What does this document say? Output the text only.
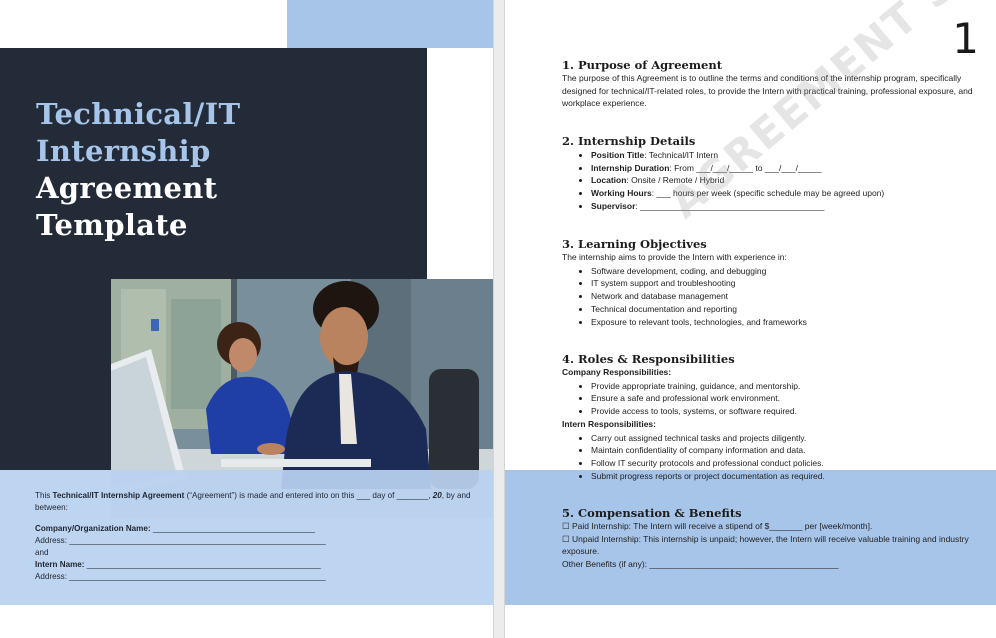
Technical/IT
Internship
Agreement
Template
This Technical/IT Internship Agreement (“Agreement”) is made and entered into on this ___ day of _______, 20, by and between:
Company/Organization Name: ____________________________________
Address: _________________________________________________________
and
Intern Name: ____________________________________________________
Address: _________________________________________________________
1
1. Purpose of Agreement
The purpose of this Agreement is to outline the terms and conditions of the internship program, specifically designed for technical/IT-related roles, to provide the Intern with practical training, professional exposure, and workplace experience.
2. Internship Details
• Position Title: Technical/IT Intern
• Internship Duration: From ___/___/_____ to ___/___/_____
• Location: Onsite / Remote / Hybrid
• Working Hours: ___ hours per week (specific schedule may be agreed upon)
• Supervisor: _______________________________________
3. Learning Objectives
The internship aims to provide the Intern with experience in:
• Software development, coding, and debugging
• IT system support and troubleshooting
• Network and database management
• Technical documentation and reporting
• Exposure to relevant tools, technologies, and frameworks
4. Roles & Responsibilities
Company Responsibilities:
• Provide appropriate training, guidance, and mentorship.
• Ensure a safe and professional work environment.
• Provide access to tools, systems, or software required.
Intern Responsibilities:
• Carry out assigned technical tasks and projects diligently.
• Maintain confidentiality of company information and data.
• Follow IT security protocols and professional conduct policies.
• Submit progress reports or project documentation as required.
5. Compensation & Benefits
☐ Paid Internship: The Intern will receive a stipend of $_______ per [week/month].
☐ Unpaid Internship: This internship is unpaid; however, the Intern will receive valuable training and industry exposure.
Other Benefits (if any): ________________________________________
